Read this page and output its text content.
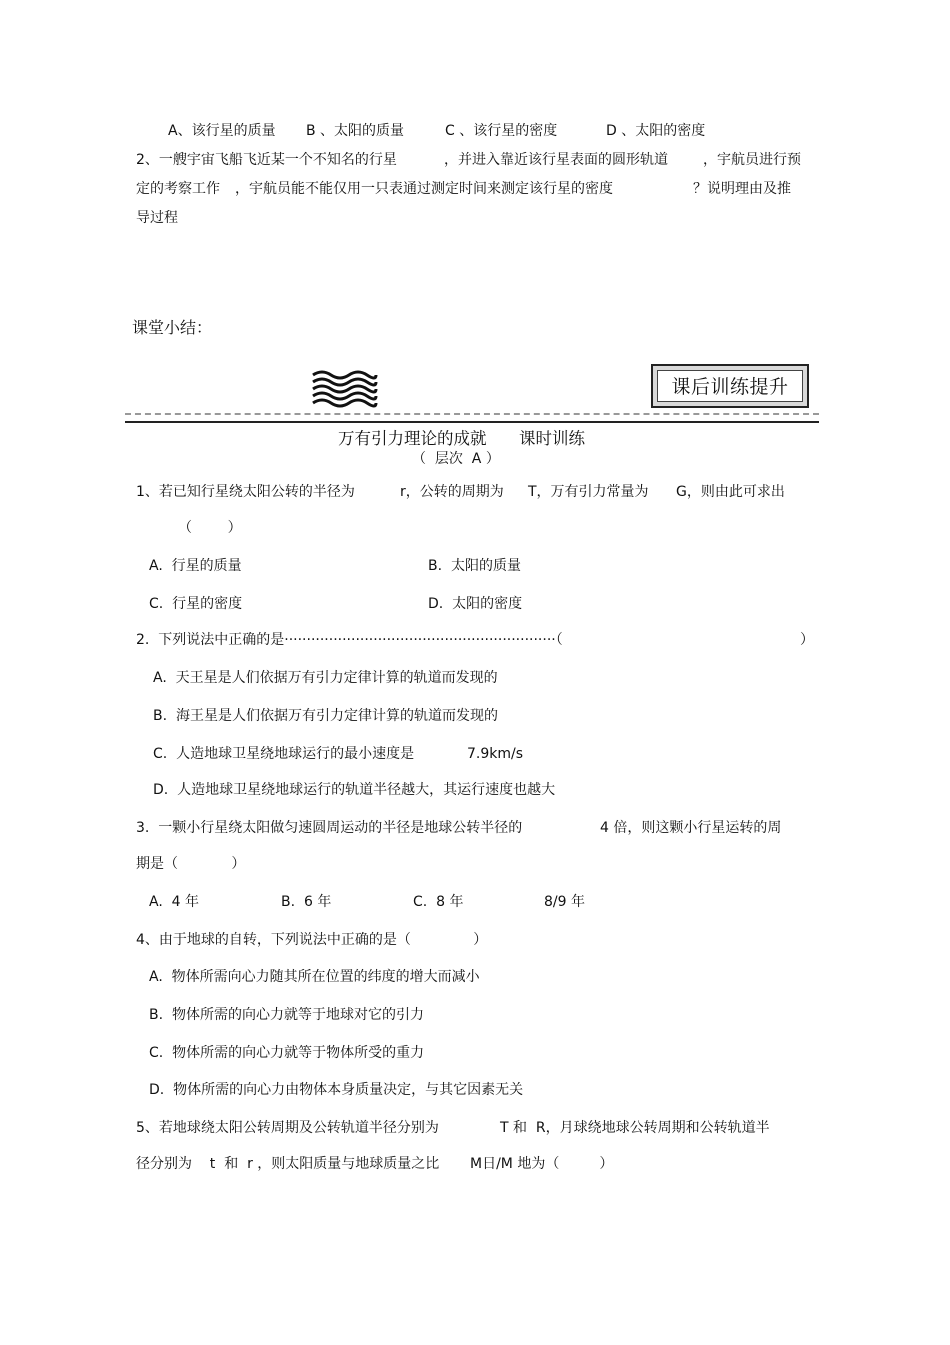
A、该行星的质量 B 、太阳的质量	C 、该行星的密度	D 、太阳的密度
2、一艘宇宙飞船飞近某一个不知名的行星	，并进入靠近该行星表面的圆形轨道	，宇航员进行预
定的考察工作 ，宇航员能不能仅用一只表通过测定时间来测定该行星的密度	？说明理由及推
导过程
课堂小结：
课后训练提升
万有引力理论的成就 课时训练
（  层次  A ）
1、若已知行星绕太阳公转的半径为	r，公转的周期为 T，万有引力常量为 G，则由此可求出
（        ）
A.  行星的质量	B.  太阳的质量
C.  行星的密度	D.  太阳的密度
2.  下列说法中正确的是·····························································（	）
A.  天王星是人们依据万有引力定律计算的轨道而发现的
B.  海王星是人们依据万有引力定律计算的轨道而发现的
C.  人造地球卫星绕地球运行的最小速度是	7.9km/s
D.  人造地球卫星绕地球运行的轨道半径越大，其运行速度也越大
3.  一颗小行星绕太阳做匀速圆周运动的半径是地球公转半径的	4 倍，则这颗小行星运转的周
期是（            ）
A.  4 年	B.  6 年	C.  8 年	8/9 年
4、由于地球的自转，下列说法中正确的是（              ）
A.  物体所需向心力随其所在位置的纬度的增大而减小
B.  物体所需的向心力就等于地球对它的引力
C.  物体所需的向心力就等于物体所受的重力
D.  物体所需的向心力由物体本身质量决定，与其它因素无关
5、若地球绕太阳公转周期及公转轨道半径分别为	T 和  R，月球绕地球公转周期和公转轨道半
径分别为    t  和  r ，则太阳质量与地球质量之比 M日/M 地为（         ）
